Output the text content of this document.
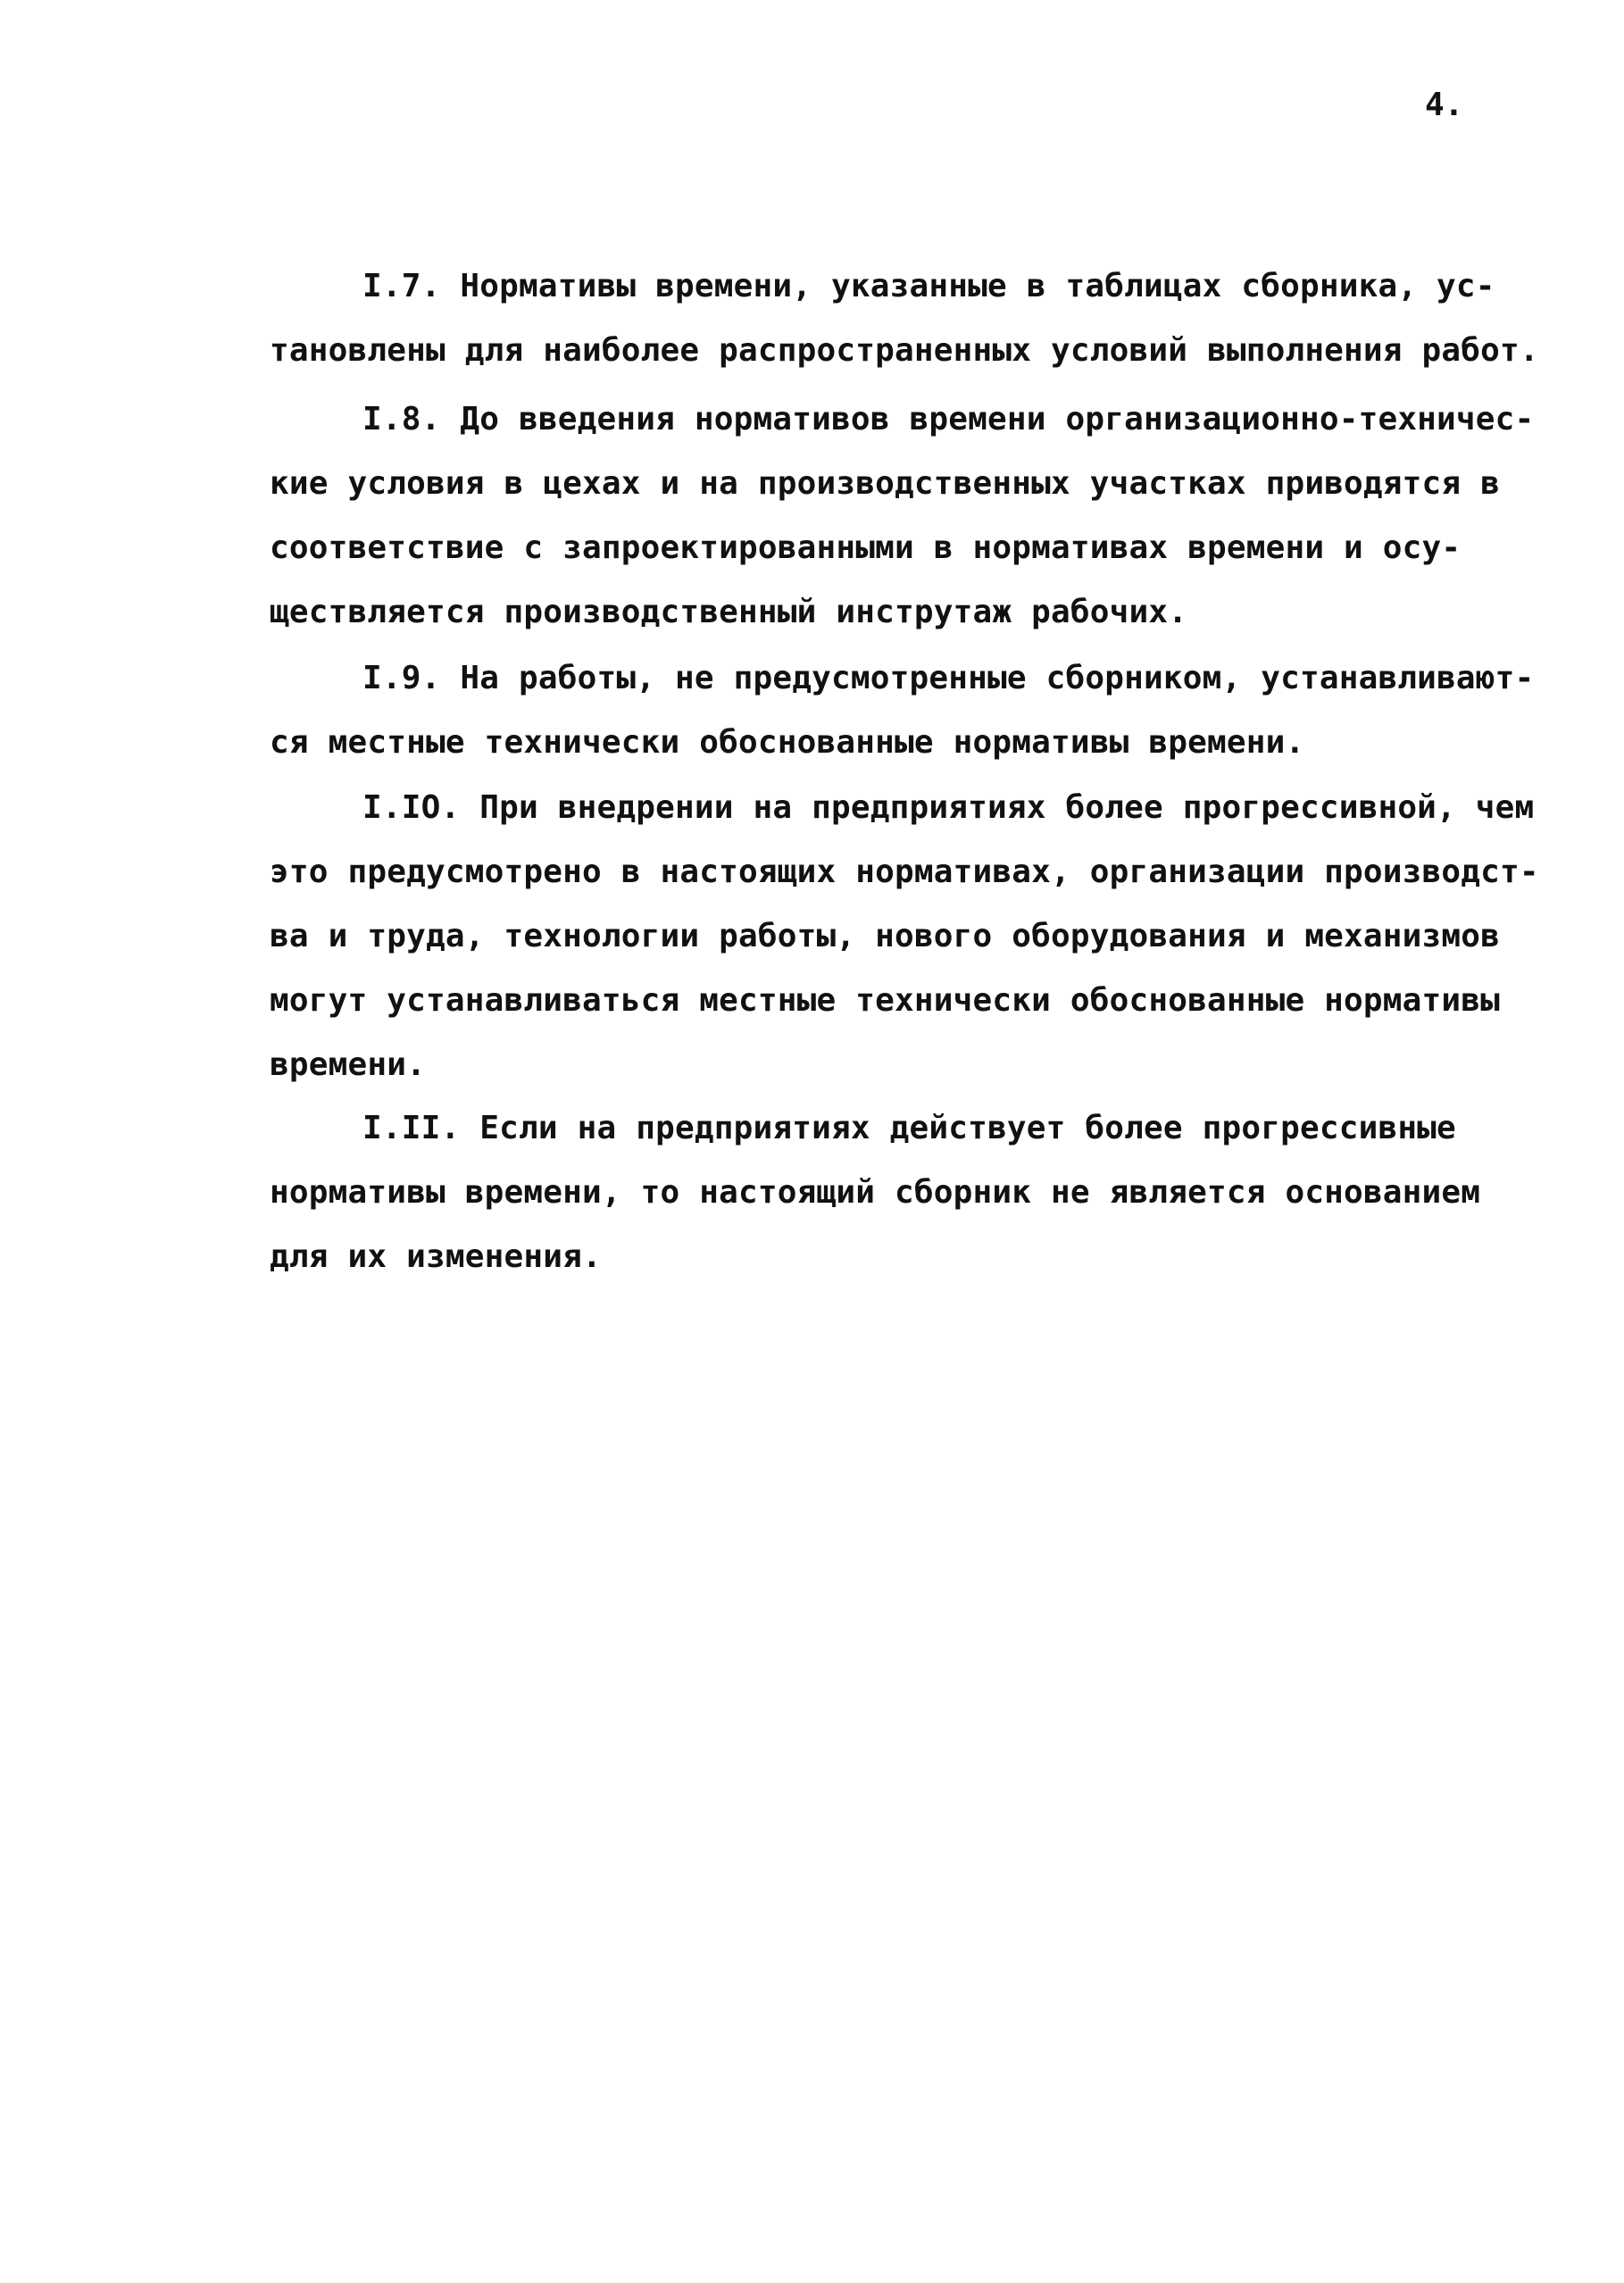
4.
I.7. Нормативы времени, указанные в таблицах сборника, ус-
тановлены для наиболее распространенных условий выполнения работ.
I.8. До введения нормативов времени организационно-техничес-
кие условия в цехах и на производственных участках приводятся в
соответствие с запроектированными в нормативах времени и осу-
ществляется производственный инструтаж рабочих.
I.9. На работы, не предусмотренные сборником, устанавливают-
ся местные технически обоснованные нормативы времени.
I.IO. При внедрении на предприятиях более прогрессивной, чем
это предусмотрено в настоящих нормативах, организации производст-
ва и труда, технологии работы, нового оборудования и механизмов
могут устанавливаться местные технически обоснованные нормативы
времени.
I.II. Если на предприятиях действует более прогрессивные
нормативы времени, то настоящий сборник не является основанием
для их изменения.
